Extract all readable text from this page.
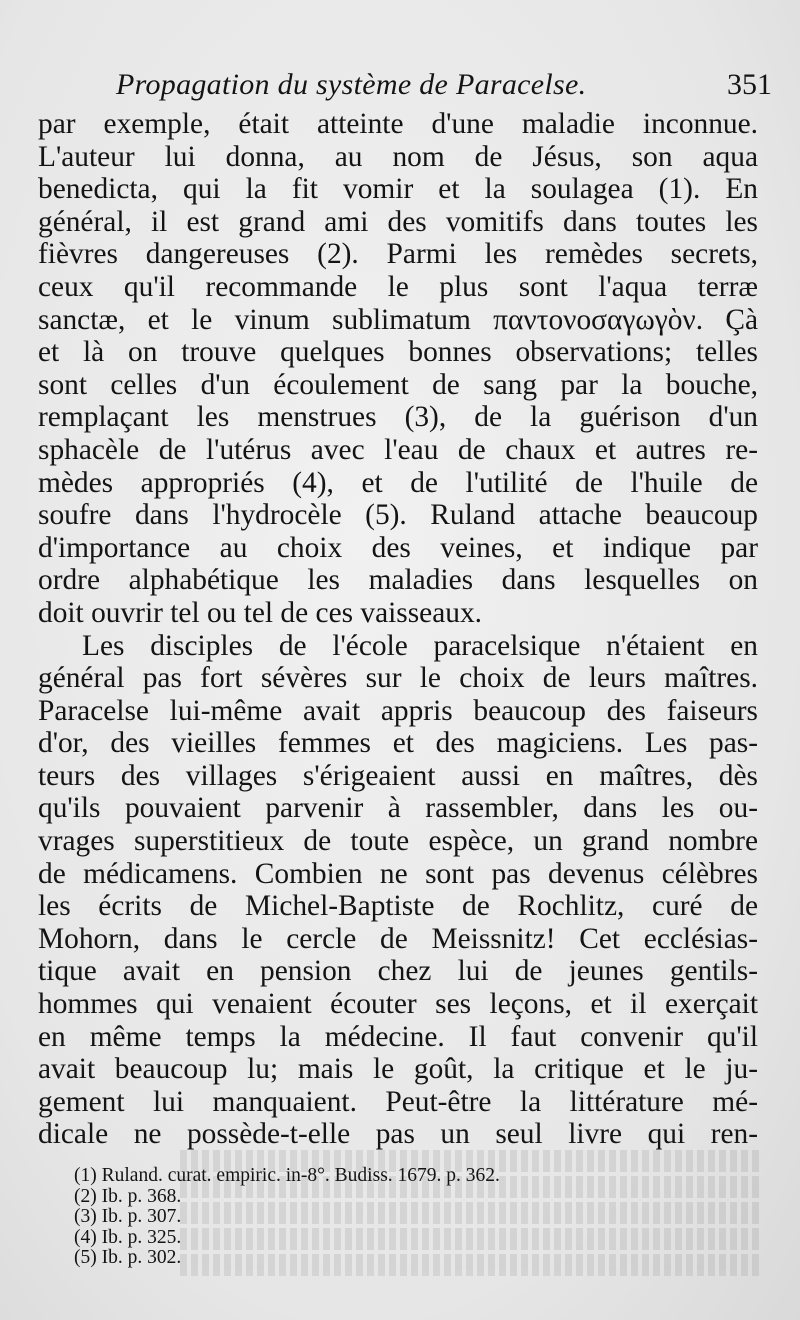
Propagation du système de Paracelse.	351
par exemple, était atteinte d'une maladie inconnue.
L'auteur lui donna, au nom de Jésus, son aqua
benedicta, qui la fit vomir et la soulagea (1). En
général, il est grand ami des vomitifs dans toutes les
fièvres dangereuses (2). Parmi les remèdes secrets,
ceux qu'il recommande le plus sont l'aqua terræ
sanctæ, et le vinum sublimatum παντονοσαγωγὸν. Çà
et là on trouve quelques bonnes observations; telles
sont celles d'un écoulement de sang par la bouche,
remplaçant les menstrues (3), de la guérison d'un
sphacèle de l'utérus avec l'eau de chaux et autres re-
mèdes appropriés (4), et de l'utilité de l'huile de
soufre dans l'hydrocèle (5). Ruland attache beaucoup
d'importance au choix des veines, et indique par
ordre alphabétique les maladies dans lesquelles on
doit ouvrir tel ou tel de ces vaisseaux.
Les disciples de l'école paracelsique n'étaient en
général pas fort sévères sur le choix de leurs maîtres.
Paracelse lui-même avait appris beaucoup des faiseurs
d'or, des vieilles femmes et des magiciens. Les pas-
teurs des villages s'érigeaient aussi en maîtres, dès
qu'ils pouvaient parvenir à rassembler, dans les ou-
vrages superstitieux de toute espèce, un grand nombre
de médicamens. Combien ne sont pas devenus célèbres
les écrits de Michel-Baptiste de Rochlitz, curé de
Mohorn, dans le cercle de Meissnitz! Cet ecclésias-
tique avait en pension chez lui de jeunes gentils-
hommes qui venaient écouter ses leçons, et il exerçait
en même temps la médecine. Il faut convenir qu'il
avait beaucoup lu; mais le goût, la critique et le ju-
gement lui manquaient. Peut-être la littérature mé-
dicale ne possède-t-elle pas un seul livre qui ren-
(1) Ruland. curat. empiric. in-8°. Budiss. 1679. p. 362.
(2) Ib. p. 368.
(3) Ib. p. 307.
(4) Ib. p. 325.
(5) Ib. p. 302.
